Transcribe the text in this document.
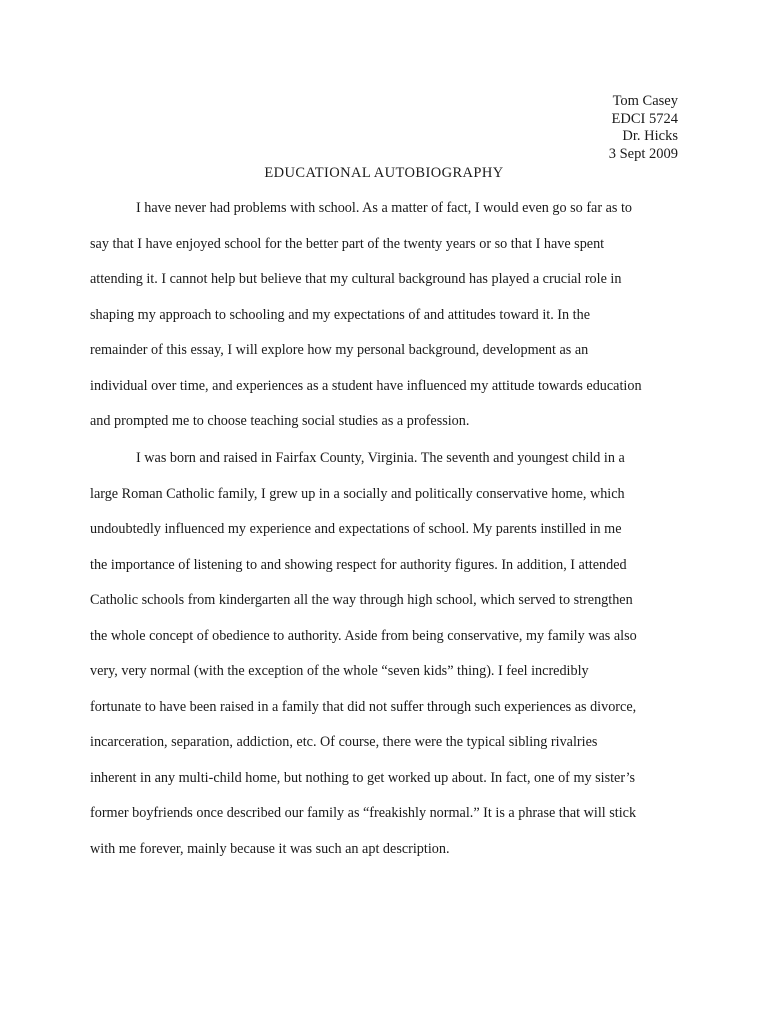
Tom Casey
EDCI 5724
Dr. Hicks
3 Sept 2009
EDUCATIONAL AUTOBIOGRAPHY
I have never had problems with school. As a matter of fact, I would even go so far as to
say that I have enjoyed school for the better part of the twenty years or so that I have spent
attending it. I cannot help but believe that my cultural background has played a crucial role in
shaping my approach to schooling and my expectations of and attitudes toward it. In the
remainder of this essay, I will explore how my personal background, development as an
individual over time, and experiences as a student have influenced my attitude towards education
and prompted me to choose teaching social studies as a profession.
I was born and raised in Fairfax County, Virginia. The seventh and youngest child in a
large Roman Catholic family, I grew up in a socially and politically conservative home, which
undoubtedly influenced my experience and expectations of school. My parents instilled in me
the importance of listening to and showing respect for authority figures. In addition, I attended
Catholic schools from kindergarten all the way through high school, which served to strengthen
the whole concept of obedience to authority. Aside from being conservative, my family was also
very, very normal (with the exception of the whole “seven kids” thing). I feel incredibly
fortunate to have been raised in a family that did not suffer through such experiences as divorce,
incarceration, separation, addiction, etc. Of course, there were the typical sibling rivalries
inherent in any multi-child home, but nothing to get worked up about. In fact, one of my sister’s
former boyfriends once described our family as “freakishly normal.” It is a phrase that will stick
with me forever, mainly because it was such an apt description.
